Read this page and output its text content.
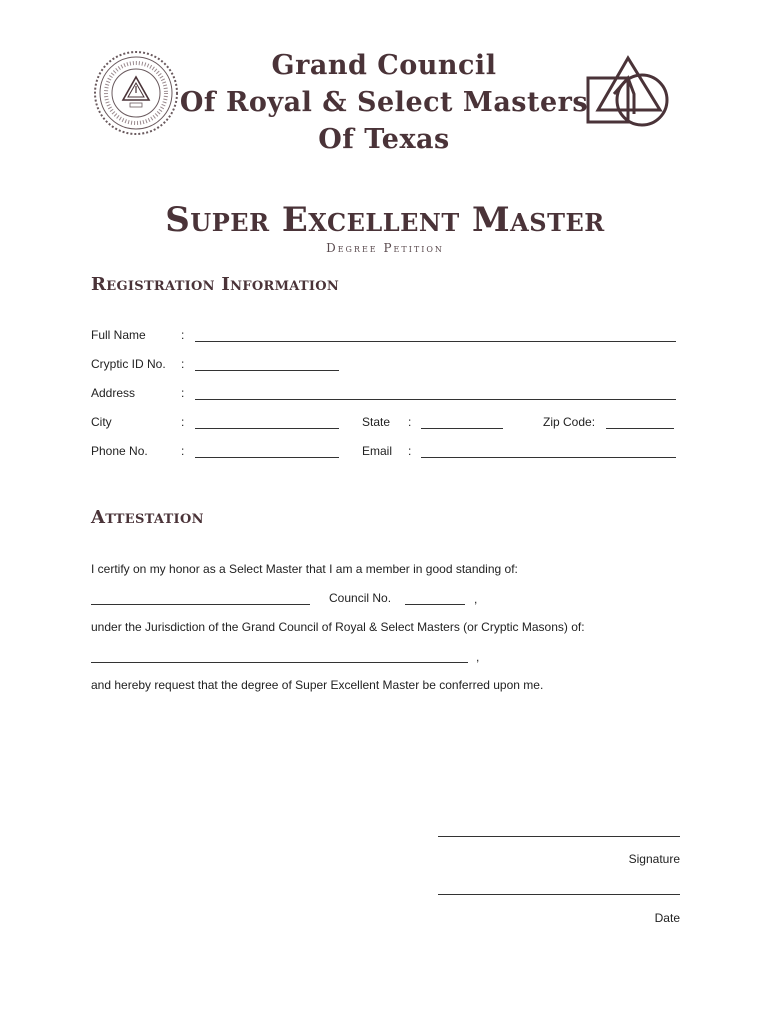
Grand Council
Of Royal & Select Masters
Of Texas
Super Excellent Master
Degree Petition
Registration Information
Full Name	:
Cryptic ID No. :
Address	:
City	:	State :	Zip Code:
Phone No.	:	Email :
Attestation
I certify on my honor as a Select Master that I am a member in good standing of:
Council No.	,
under the Jurisdiction of the Grand Council of Royal & Select Masters (or Cryptic Masons) of:
,
and hereby request that the degree of Super Excellent Master be conferred upon me.
Signature
Date
